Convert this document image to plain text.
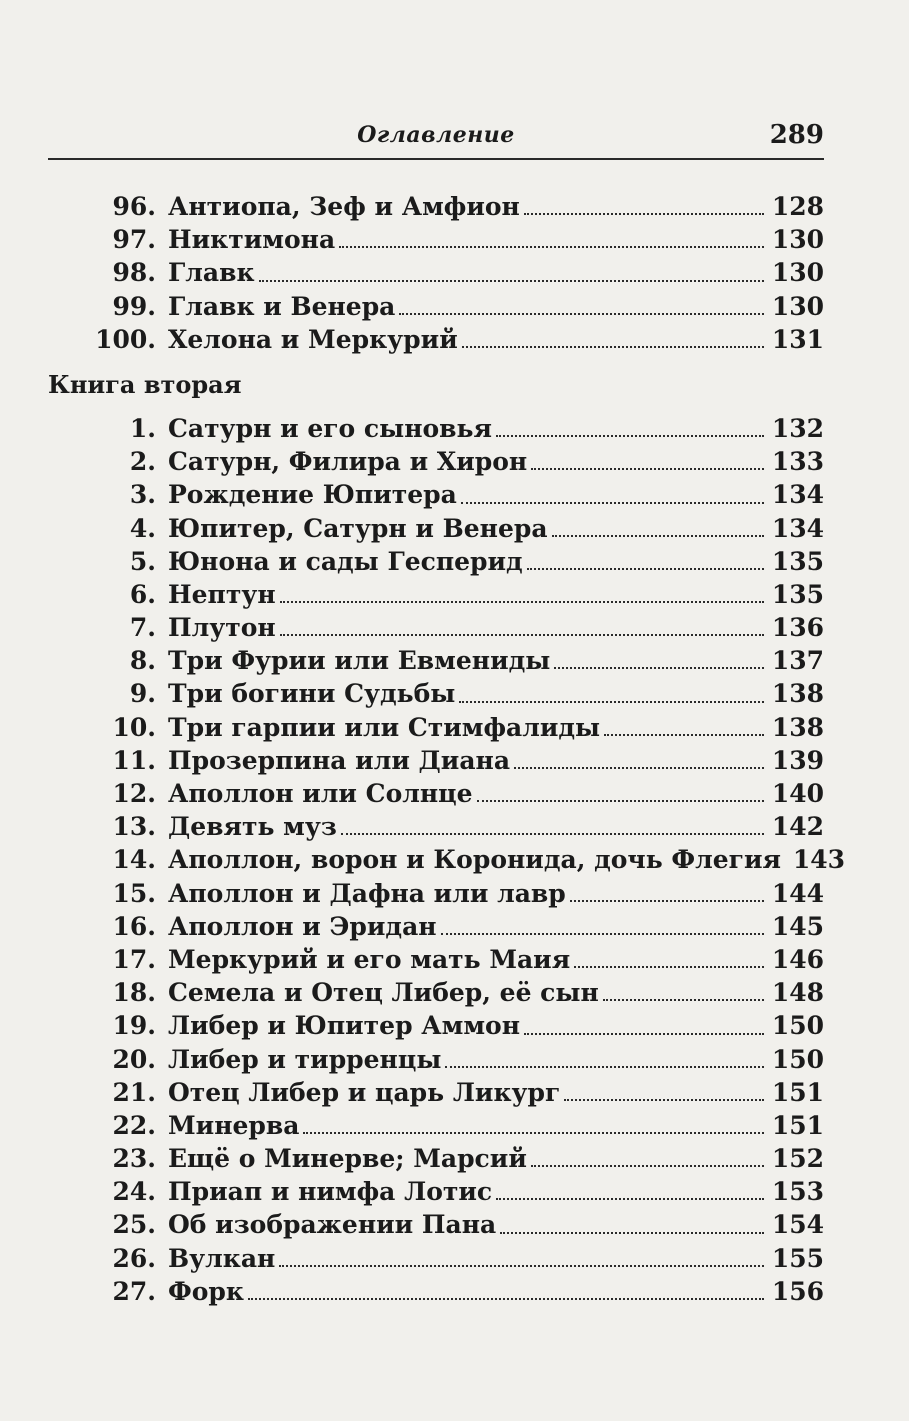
Оглавление	289
96. Антиопа, Зеф и Амфион	128
97. Никтимона	130
98. Главк	130
99. Главк и Венера	130
100. Хелона и Меркурий	131
Книга вторая
1. Сатурн и его сыновья	132
2. Сатурн, Филира и Хирон	133
3. Рождение Юпитера	134
4. Юпитер, Сатурн и Венера	134
5. Юнона и сады Гесперид	135
6. Нептун	135
7. Плутон	136
8. Три Фурии или Евмениды	137
9. Три богини Судьбы	138
10. Три гарпии или Стимфалиды	138
11. Прозерпина или Диана	139
12. Аполлон или Солнце	140
13. Девять муз	142
14. Аполлон, ворон и Коронида, дочь Флегия 143
15. Аполлон и Дафна или лавр	144
16. Аполлон и Эридан	145
17. Меркурий и его мать Маия	146
18. Семела и Отец Либер, её сын	148
19. Либер и Юпитер Аммон	150
20. Либер и тирренцы	150
21. Отец Либер и царь Ликург	151
22. Минерва	151
23. Ещё о Минерве; Марсий	152
24. Приап и нимфа Лотис	153
25. Об изображении Пана	154
26. Вулкан	155
27. Форк	156
